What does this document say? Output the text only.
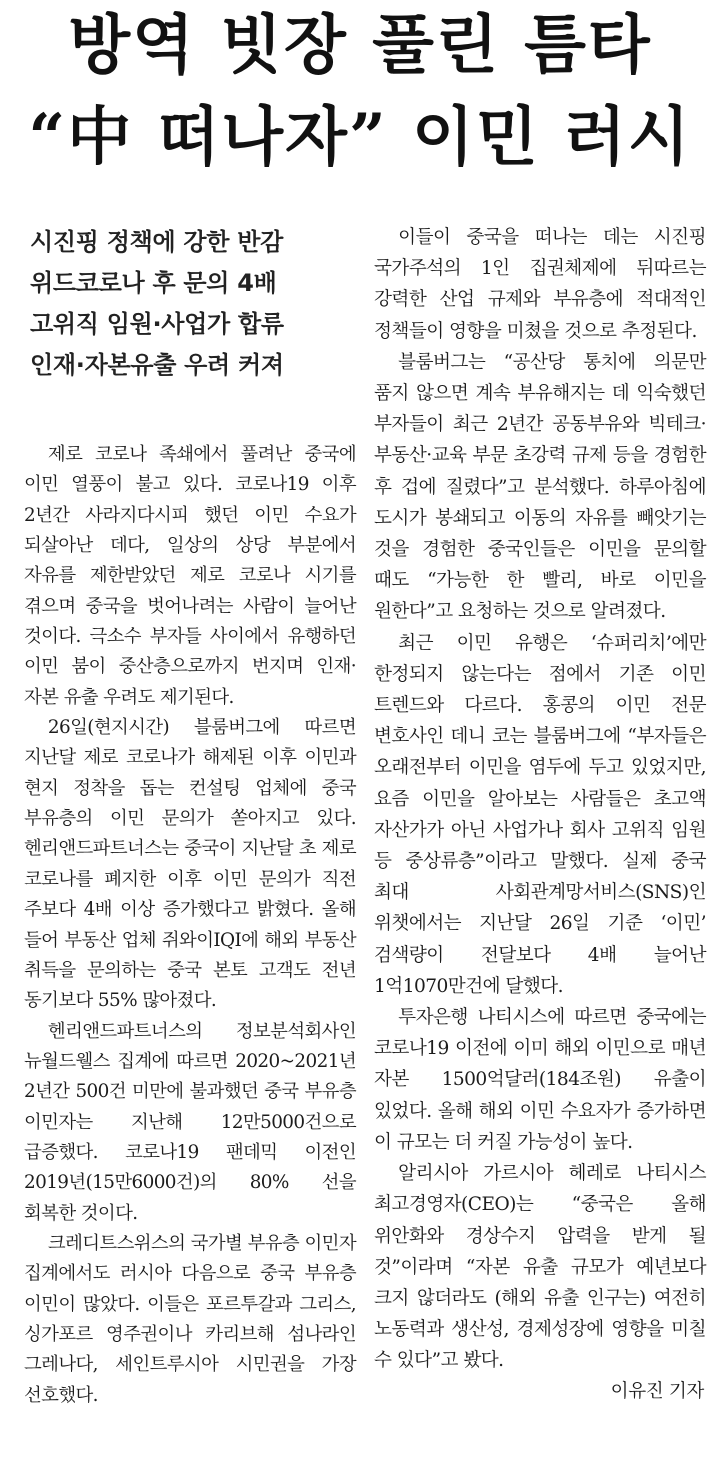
방역 빗장 풀린 틈타
“中 떠나자” 이민 러시
시진핑 정책에 강한 반감
위드코로나 후 문의 4배
고위직 임원·사업가 합류
인재·자본유출 우려 커져

제로 코로나 족쇄에서 풀려난 중국에 이민 열풍이 불고 있다. 코로나19 이후 2년간 사라지다시피 했던 이민 수요가 되살아난 데다, 일상의 상당 부분에서 자유를 제한받았던 제로 코로나 시기를 겪으며 중국을 벗어나려는 사람이 늘어난 것이다. 극소수 부자들 사이에서 유행하던 이민 붐이 중산층으로까지 번지며 인재·자본 유출 우려도 제기된다.

26일(현지시간) 블룸버그에 따르면 지난달 제로 코로나가 해제된 이후 이민과 현지 정착을 돕는 컨설팅 업체에 중국 부유층의 이민 문의가 쏟아지고 있다. 헨리앤드파트너스는 중국이 지난달 초 제로 코로나를 폐지한 이후 이민 문의가 직전 주보다 4배 이상 증가했다고 밝혔다. 올해 들어 부동산 업체 쥐와이IQI에 해외 부동산 취득을 문의하는 중국 본토 고객도 전년 동기보다 55% 많아졌다.

헨리앤드파트너스의 정보분석회사인 뉴월드웰스 집계에 따르면 2020~2021년 2년간 500건 미만에 불과했던 중국 부유층 이민자는 지난해 12만5000건으로 급증했다. 코로나19 팬데믹 이전인 2019년(15만6000건)의 80% 선을 회복한 것이다.

크레디트스위스의 국가별 부유층 이민자 집계에서도 러시아 다음으로 중국 부유층 이민이 많았다. 이들은 포르투갈과 그리스, 싱가포르 영주권이나 카리브해 섬나라인 그레나다, 세인트루시아 시민권을 가장 선호했다.

이들이 중국을 떠나는 데는 시진핑 국가주석의 1인 집권체제에 뒤따르는 강력한 산업 규제와 부유층에 적대적인 정책들이 영향을 미쳤을 것으로 추정된다.

블룸버그는 “공산당 통치에 의문만 품지 않으면 계속 부유해지는 데 익숙했던 부자들이 최근 2년간 공동부유와 빅테크·부동산·교육 부문 초강력 규제 등을 경험한 후 겁에 질렸다”고 분석했다. 하루아침에 도시가 봉쇄되고 이동의 자유를 빼앗기는 것을 경험한 중국인들은 이민을 문의할 때도 “가능한 한 빨리, 바로 이민을 원한다”고 요청하는 것으로 알려졌다.

최근 이민 유행은 ‘슈퍼리치’에만 한정되지 않는다는 점에서 기존 이민 트렌드와 다르다. 홍콩의 이민 전문 변호사인 데니 코는 블룸버그에 “부자들은 오래전부터 이민을 염두에 두고 있었지만, 요즘 이민을 알아보는 사람들은 초고액 자산가가 아닌 사업가나 회사 고위직 임원 등 중상류층”이라고 말했다. 실제 중국 최대 사회관계망서비스(SNS)인 위챗에서는 지난달 26일 기준 ‘이민’ 검색량이 전달보다 4배 늘어난 1억1070만건에 달했다.

투자은행 나티시스에 따르면 중국에는 코로나19 이전에 이미 해외 이민으로 매년 자본 1500억달러(184조원) 유출이 있었다. 올해 해외 이민 수요자가 증가하면 이 규모는 더 커질 가능성이 높다.

알리시아 가르시아 헤레로 나티시스 최고경영자(CEO)는 “중국은 올해 위안화와 경상수지 압력을 받게 될 것”이라며 “자본 유출 규모가 예년보다 크지 않더라도 (해외 유출 인구는) 여전히 노동력과 생산성, 경제성장에 영향을 미칠 수 있다”고 봤다.

이유진 기자
